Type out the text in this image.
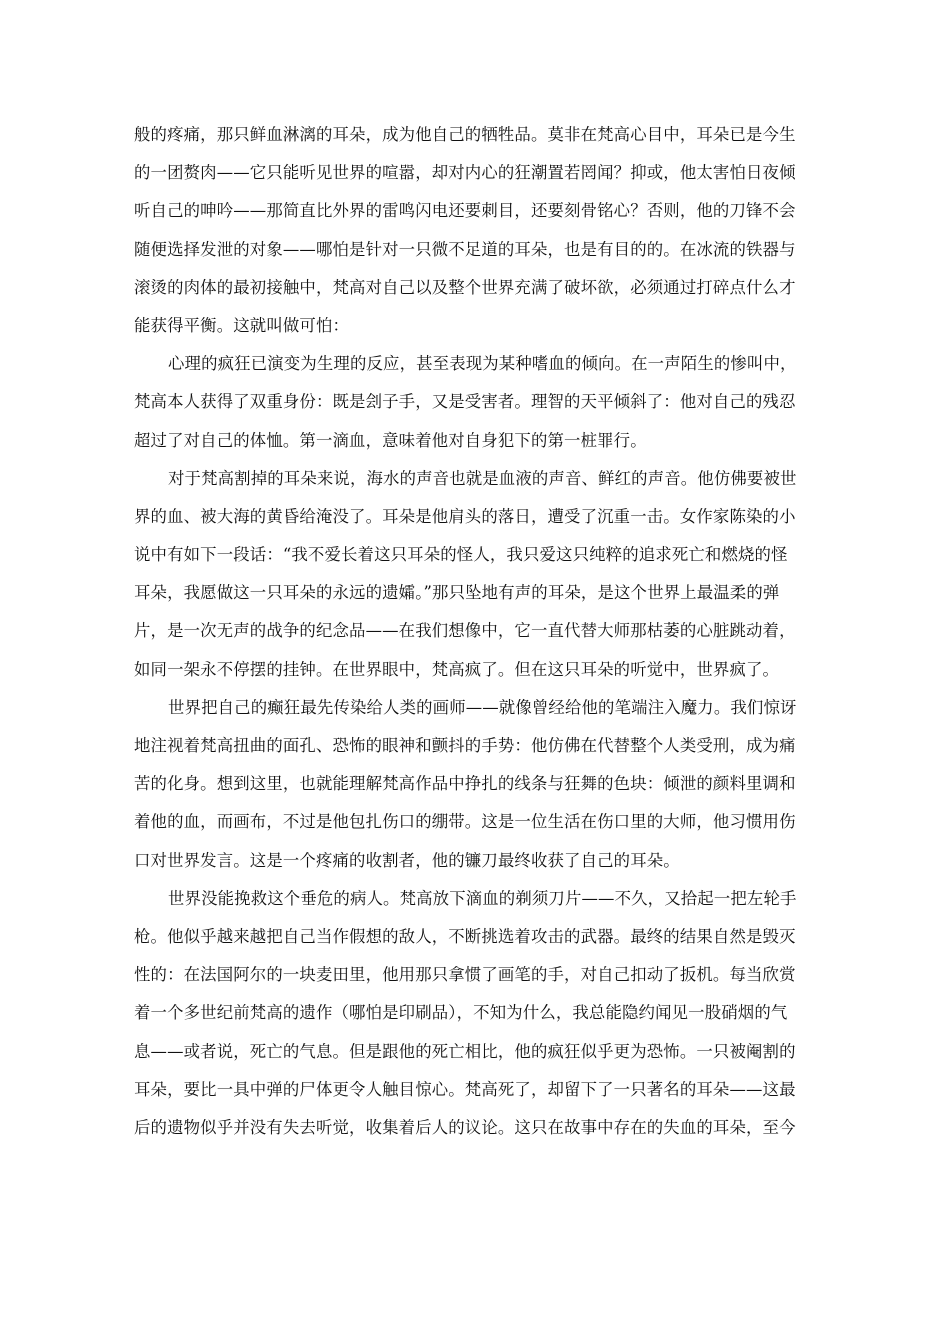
般的疼痛，那只鲜血淋漓的耳朵，成为他自己的牺牲品。莫非在梵高心目中，耳朵已是今生
的一团赘肉——它只能听见世界的喧嚣，却对内心的狂潮置若罔闻？抑或，他太害怕日夜倾
听自己的呻吟——那简直比外界的雷鸣闪电还要刺目，还要刻骨铭心？否则，他的刀锋不会
随便选择发泄的对象——哪怕是针对一只微不足道的耳朵，也是有目的的。在冰流的铁器与
滚烫的肉体的最初接触中，梵高对自己以及整个世界充满了破坏欲，必须通过打碎点什么才
能获得平衡。这就叫做可怕：
心理的疯狂已演变为生理的反应，甚至表现为某种嗜血的倾向。在一声陌生的惨叫中，
梵高本人获得了双重身份：既是刽子手，又是受害者。理智的天平倾斜了：他对自己的残忍
超过了对自己的体恤。第一滴血，意味着他对自身犯下的第一桩罪行。
对于梵高割掉的耳朵来说，海水的声音也就是血液的声音、鲜红的声音。他仿佛要被世
界的血、被大海的黄昏给淹没了。耳朵是他肩头的落日，遭受了沉重一击。女作家陈染的小
说中有如下一段话：“我不爱长着这只耳朵的怪人，我只爱这只纯粹的追求死亡和燃烧的怪
耳朵，我愿做这一只耳朵的永远的遗孀。”那只坠地有声的耳朵，是这个世界上最温柔的弹
片，是一次无声的战争的纪念品——在我们想像中，它一直代替大师那枯萎的心脏跳动着，
如同一架永不停摆的挂钟。在世界眼中，梵高疯了。但在这只耳朵的听觉中，世界疯了。
世界把自己的癫狂最先传染给人类的画师——就像曾经给他的笔端注入魔力。我们惊讶
地注视着梵高扭曲的面孔、恐怖的眼神和颤抖的手势：他仿佛在代替整个人类受刑，成为痛
苦的化身。想到这里，也就能理解梵高作品中挣扎的线条与狂舞的色块：倾泄的颜料里调和
着他的血，而画布，不过是他包扎伤口的绷带。这是一位生活在伤口里的大师，他习惯用伤
口对世界发言。这是一个疼痛的收割者，他的镰刀最终收获了自己的耳朵。
世界没能挽救这个垂危的病人。梵高放下滴血的剃须刀片——不久，又拾起一把左轮手
枪。他似乎越来越把自己当作假想的敌人，不断挑选着攻击的武器。最终的结果自然是毁灭
性的：在法国阿尔的一块麦田里，他用那只拿惯了画笔的手，对自己扣动了扳机。每当欣赏
着一个多世纪前梵高的遗作（哪怕是印刷品），不知为什么，我总能隐约闻见一股硝烟的气
息——或者说，死亡的气息。但是跟他的死亡相比，他的疯狂似乎更为恐怖。一只被阉割的
耳朵，要比一具中弹的尸体更令人触目惊心。梵高死了，却留下了一只著名的耳朵——这最
后的遗物似乎并没有失去听觉，收集着后人的议论。这只在故事中存在的失血的耳朵，至今
